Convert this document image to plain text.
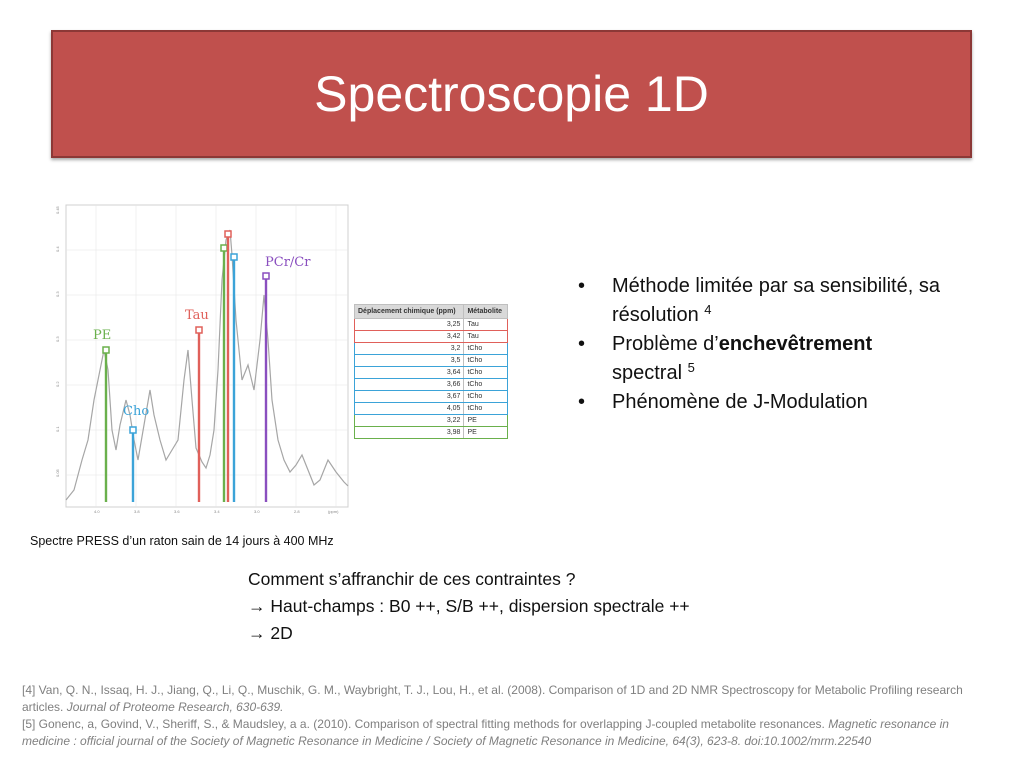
Spectroscopie 1D
0.45
0.4
0.3
0.3
0.2
0.1
0.05
4.0	3.8	3.6	3.4	3.0	2.8	(ppm)
PE
Cho
Tau
PCr/Cr
Déplacement chimique (ppm)	Métabolite
3,25	Tau
3,42	Tau
3,2	tCho
3,5	tCho
3,64	tCho
3,66	tCho
3,67	tCho
4,05	tCho
3,22	PE
3,98	PE
• Méthode limitée par sa sensibilité, sa résolution $^4$
• Problème d’enchevêtrement spectral $^5$
• Phénomène de J-Modulation
Spectre PRESS d’un raton sain de 14 jours à 400 MHz
Comment s’affranchir de ces contraintes ?
→ Haut-champs : B0 ++, S/B ++, dispersion spectrale ++
→ 2D

[4] Van, Q. N., Issaq, H. J., Jiang, Q., Li, Q., Muschik, G. M., Waybright, T. J., Lou, H., et al. (2008). Comparison of 1D and 2D NMR Spectroscopy for Metabolic Profiling research articles. Journal of Proteome Research, 630-639.

[5] Gonenc, a, Govind, V., Sheriff, S., & Maudsley, a a. (2010). Comparison of spectral fitting methods for overlapping J-coupled metabolite resonances. Magnetic resonance in medicine : official journal of the Society of Magnetic Resonance in Medicine / Society of Magnetic Resonance in Medicine, 64(3), 623-8. doi:10.1002/mrm.22540
